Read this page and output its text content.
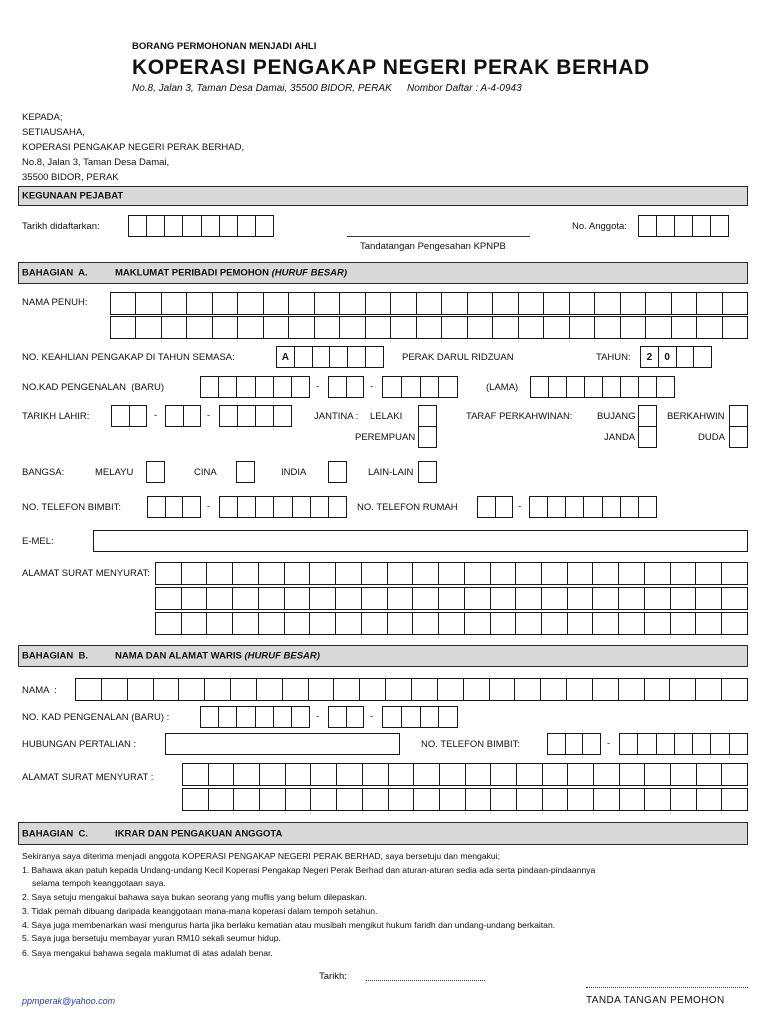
BORANG PERMOHONAN MENJADI AHLI
KOPERASI PENGAKAP NEGERI PERAK BERHAD
No.8, Jalan 3, Taman Desa Damai, 35500 BIDOR, PERAK Nombor Daftar : A-4-0943
KEPADA;
SETIAUSAHA,
KOPERASI PENGAKAP NEGERI PERAK BERHAD,
No.8, Jalan 3, Taman Desa Damai,
35500 BIDOR, PERAK
KEGUNAAN PEJABAT
Tarikh didaftarkan:
Tandatangan Pengesahan KPNPB
No. Anggota:
BAHAGIAN  A.	MAKLUMAT PERIBADI PEMOHON (HURUF BESAR)
NAMA PENUH:
NO. KEAHLIAN PENGAKAP DI TAHUN SEMASA:	A	PERAK DARUL RIDZUAN	TAHUN:	2	0
NO.KAD PENGENALAN  (BARU)	-	-	(LAMA)
TARIKH LAHIR:	-	-	JANTINA : LELAKI
PEREMPUAN
TARAF PERKAHWINAN:	BUJANG	BERKAHWIN
JANDA	DUDA
BANGSA:	MELAYU	CINA	INDIA	LAIN-LAIN
NO. TELEFON BIMBIT:	-	NO. TELEFON RUMAH	-
E-MEL:
ALAMAT SURAT MENYURAT:
BAHAGIAN  B.	NAMA DAN ALAMAT WARIS (HURUF BESAR)
NAMA  :
NO. KAD PENGENALAN (BARU) :	-	-
HUBUNGAN PERTALIAN :	NO. TELEFON BIMBIT:	-
ALAMAT SURAT MENYURAT :
BAHAGIAN  C.	IKRAR DAN PENGAKUAN ANGGOTA
Sekiranya saya diterima menjadi anggota KOPERASI PENGAKAP NEGERI PERAK BERHAD, saya bersetuju dan mengakui;
1. Bahawa akan patuh kepada Undang-undang Kecil Koperasi Pengakap Negeri Perak Berhad dan aturan-aturan sedia ada serta pindaan-pindaannya
selama tempoh keanggotaan saya.
2. Saya setuju mengakui bahawa saya bukan seorang yang muflis yang belum dilepaskan.
3. Tidak pernah dibuang daripada keanggotaan mana-mana koperasi dalam tempoh setahun.
4. Saya juga membenarkan wasi mengurus harta jika berlaku kematian atau musibah mengikut hukum faridh dan undang-undang berkaitan.
5. Saya juga bersetuju membayar yuran RM10 sekali seumur hidup.
6. Saya mengakui bahawa segala maklumat di atas adalah benar.
Tarikh:
ppmperak@yahoo.com	TANDA TANGAN PEMOHON
